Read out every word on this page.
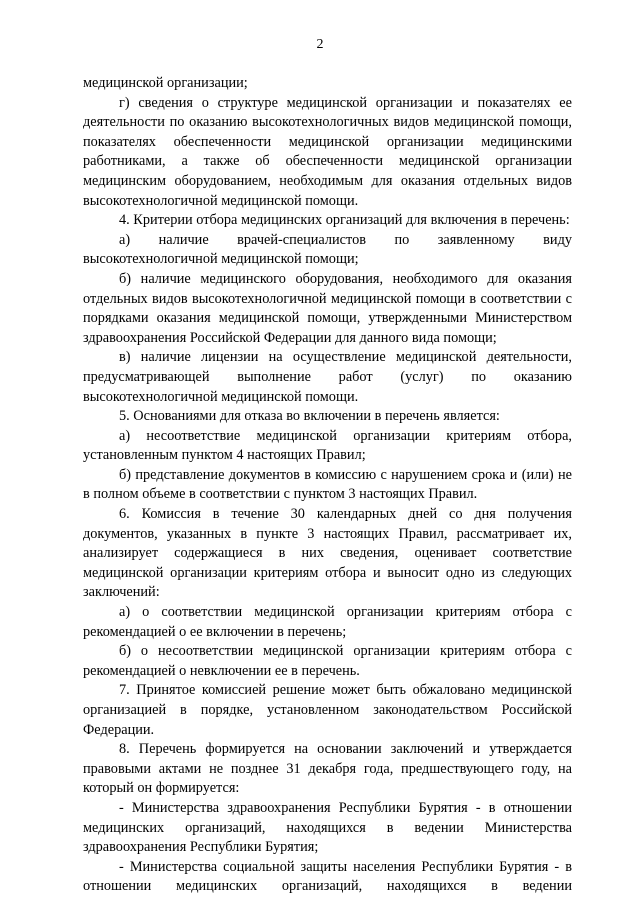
2

медицинской организации;

г) сведения о структуре медицинской организации и показателях ее деятельности по оказанию высокотехнологичных видов медицинской помощи, показателях обеспеченности медицинской организации медицинскими работниками, а также об обеспеченности медицинской организации медицинским оборудованием, необходимым для оказания отдельных видов высокотехнологичной медицинской помощи.

4. Критерии отбора медицинских организаций для включения в перечень:

а) наличие врачей-специалистов по заявленному виду высокотехнологичной медицинской помощи;

б) наличие медицинского оборудования, необходимого для оказания отдельных видов высокотехнологичной медицинской помощи в соответствии с порядками оказания медицинской помощи, утвержденными Министерством здравоохранения Российской Федерации для данного вида помощи;

в) наличие лицензии на осуществление медицинской деятельности, предусматривающей выполнение работ (услуг) по оказанию высокотехнологичной медицинской помощи.

5. Основаниями для отказа во включении в перечень является:

а) несоответствие медицинской организации критериям отбора, установленным пунктом 4 настоящих Правил;

б) представление документов в комиссию с нарушением срока и (или) не в полном объеме в соответствии с пунктом 3 настоящих Правил.

6. Комиссия в течение 30 календарных дней со дня получения документов, указанных в пункте 3 настоящих Правил, рассматривает их, анализирует содержащиеся в них сведения, оценивает соответствие медицинской организации критериям отбора и выносит одно из следующих заключений:

а) о соответствии медицинской организации критериям отбора с рекомендацией о ее включении в перечень;

б) о несоответствии медицинской организации критериям отбора с рекомендацией о невключении ее в перечень.

7. Принятое комиссией решение может быть обжаловано медицинской организацией в порядке, установленном законодательством Российской Федерации.

8. Перечень формируется на основании заключений и утверждается правовыми актами не позднее 31 декабря года, предшествующего году, на который он формируется:

- Министерства здравоохранения Республики Бурятия - в отношении медицинских организаций, находящихся в ведении Министерства здравоохранения Республики Бурятия;

- Министерства социальной защиты населения Республики Бурятия - в отношении медицинских организаций, находящихся в ведении
